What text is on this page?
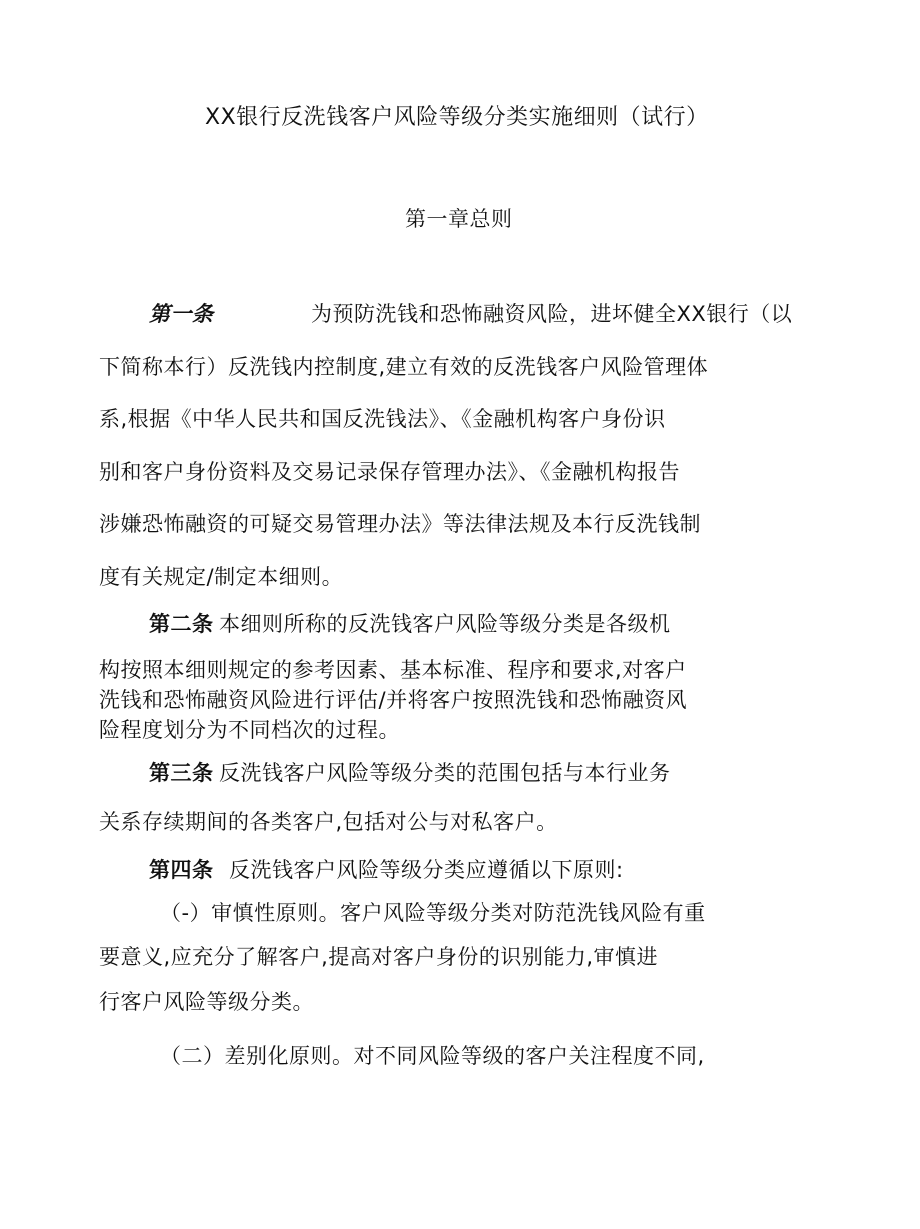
XX银行反洗钱客户风险等级分类实施细则（试行）
第一章总则
第一条	为预防洗钱和恐怖融资风险，进坏健全XX银行（以
下简称本行）反洗钱内控制度,建立有效的反洗钱客户风险管理体
系,根据《中华人民共和国反洗钱法》、《金融机构客户身份识
别和客户身份资料及交易记录保存管理办法》、《金融机构报告
涉嫌恐怖融资的可疑交易管理办法》等法律法规及本行反洗钱制
度有关规定/制定本细则。
第二条 本细则所称的反洗钱客户风险等级分类是各级机
构按照本细则规定的参考因素、基本标准、程序和要求,对客户
洗钱和恐怖融资风险进行评估/并将客户按照洗钱和恐怖融资风
险程度划分为不同档次的过程。
第三条 反洗钱客户风险等级分类的范围包括与本行业务
关系存续期间的各类客户,包括对公与对私客户。
第四条 反洗钱客户风险等级分类应遵循以下原则:
（-）审慎性原则。客户风险等级分类对防范洗钱风险有重
要意义,应充分了解客户,提高对客户身份的识别能力,审慎进
行客户风险等级分类。
（二）差别化原则。对不同风险等级的客户关注程度不同,
